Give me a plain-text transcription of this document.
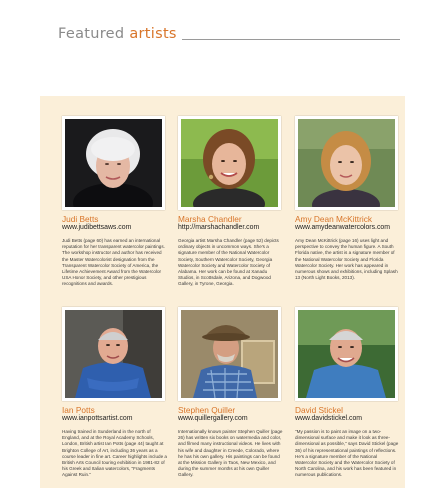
Featured artists
Judi Betts
www.judibettsaws.com
Judi Betts (page 60) has earned an international reputation for her transparent watercolor paintings. The workshop instructor and author has received the Master Watercolorist designation from the Transparent Watercolor Society of America, the Lifetime Achievement Award from the Watercolor USA Honor Society, and other prestigious recognitions and awards.
Marsha Chandler
http://marshachandler.com
Georgia artist Marsha Chandler (page 52) depicts ordinary objects in uncommon ways. She's a signature member of the National Watercolor Society, Southern Watercolor Society, Georgia Watercolor Society and Watercolor Society of Alabama. Her work can be found at Xanadu Studios, in Scottsdale, Arizona, and Dogwood Gallery, in Tyrone, Georgia.
Amy Dean McKittrick
www.amydeanwatercolors.com
Amy Dean McKittrick (page 16) uses light and perspective to convey the human figure. A South Florida native, the artist is a signature member of the National Watercolor Society and Florida Watercolor Society. Her work has appeared in numerous shows and exhibitions, including Splash 13 (North Light Books, 2013).
Ian Potts
www.ianpottsartist.com
Having trained in Sunderland in the north of England, and at the Royal Academy Schools, London, British artist Ian Potts (page 44) taught at Brighton College of Art, including 36 years as a course leader in fine art. Career highlights include a British Arts Council touring exhibition in 1981-82 of his Greek and Italian watercolors, "Fragments Against Ruin."
Stephen Quiller
www.quillergallery.com
Internationally known painter Stephen Quiller (page 26) has written six books on watermedia and color, and filmed many instructional videos. He lives with his wife and daughter in Creede, Colorado, where he has his own gallery. His paintings can be found at the Mission Gallery in Taos, New Mexico, and during the summer months at his own Quiller Gallery.
David Stickel
www.davidstickel.com
"My passion is to paint an image on a two-dimensional surface and make it look as three-dimensional as possible," says David Stickel (page 36) of his representational paintings of reflections. He's a signature member of the National Watercolor Society and the Watercolor Society of North Carolina, and his work has been featured in numerous publications.
